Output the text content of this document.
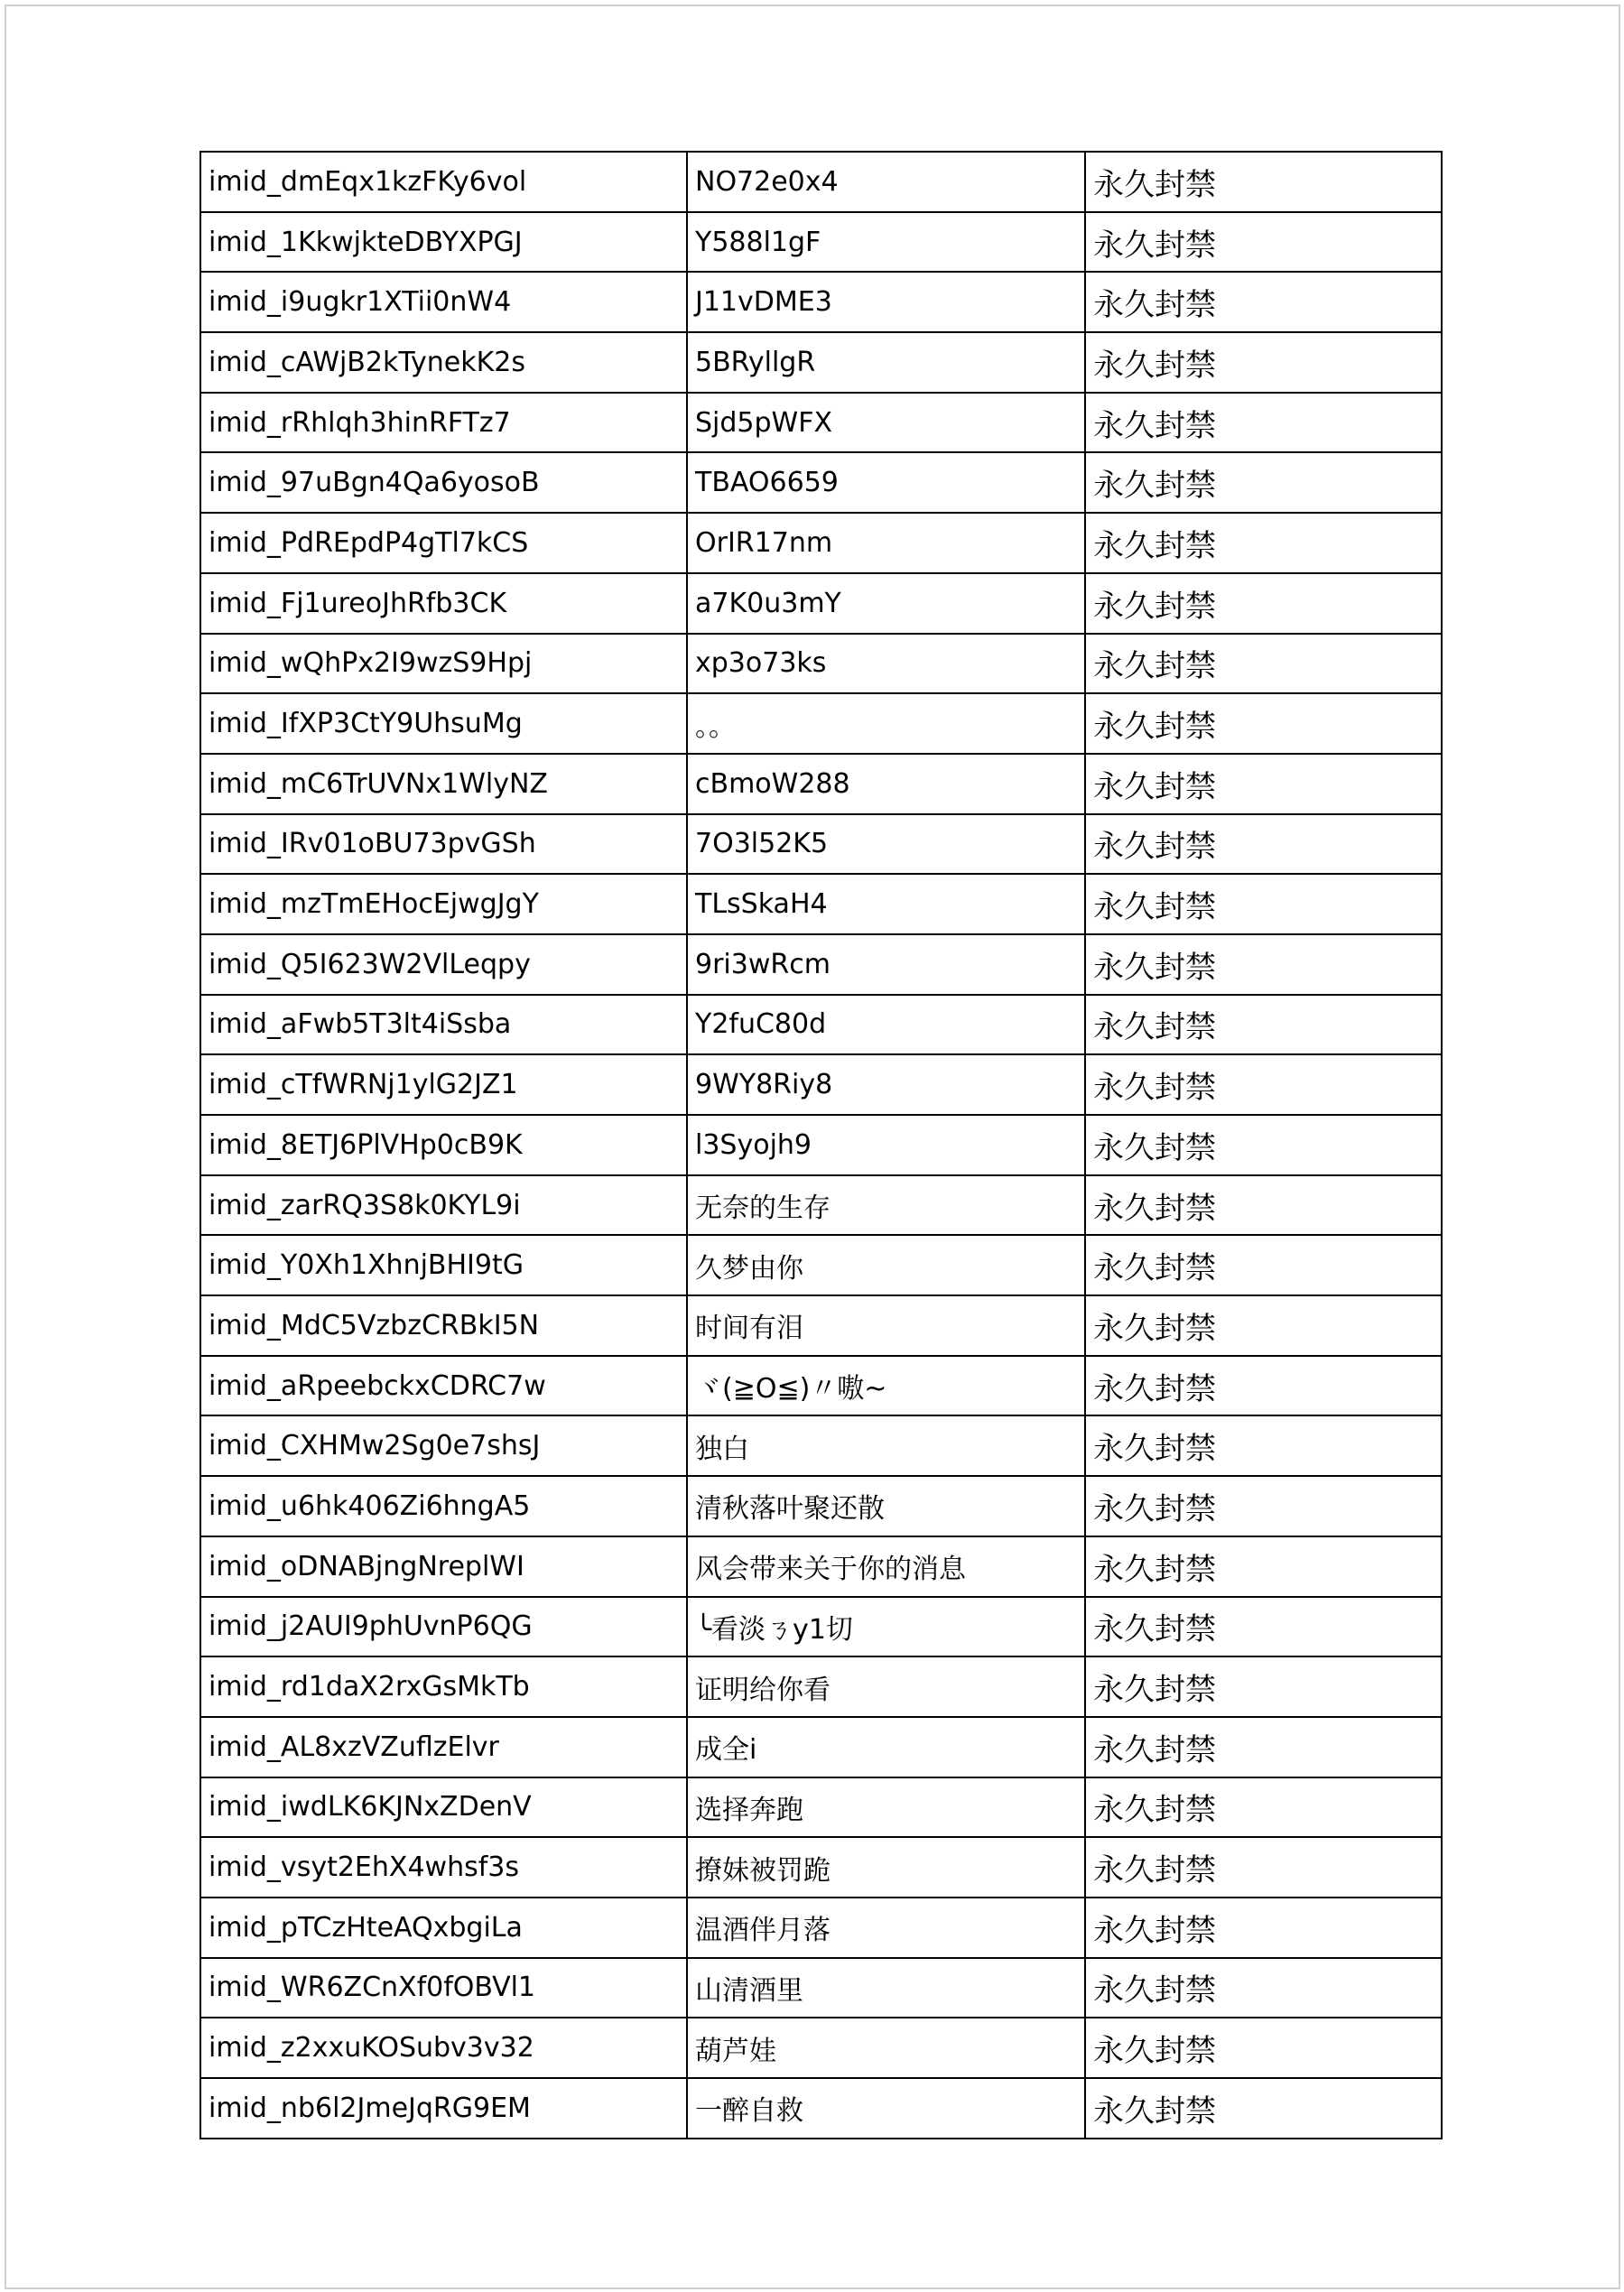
imid_dmEqx1kzFKy6vol	NO72e0x4	永久封禁
imid_1KkwjkteDBYXPGJ	Y588l1gF	永久封禁
imid_i9ugkr1XTii0nW4	J11vDME3	永久封禁
imid_cAWjB2kTynekK2s	5BRyllgR	永久封禁
imid_rRhlqh3hinRFTz7	Sjd5pWFX	永久封禁
imid_97uBgn4Qa6yosoB	TBAO6659	永久封禁
imid_PdREpdP4gTl7kCS	OrIR17nm	永久封禁
imid_Fj1ureoJhRfb3CK	a7K0u3mY	永久封禁
imid_wQhPx2I9wzS9Hpj	xp3o73ks	永久封禁
imid_IfXP3CtY9UhsuMg	。。	永久封禁
imid_mC6TrUVNx1WlyNZ	cBmoW288	永久封禁
imid_IRv01oBU73pvGSh	7O3l52K5	永久封禁
imid_mzTmEHocEjwgJgY	TLsSkaH4	永久封禁
imid_Q5I623W2VlLeqpy	9ri3wRcm	永久封禁
imid_aFwb5T3lt4iSsba	Y2fuC80d	永久封禁
imid_cTfWRNj1ylG2JZ1	9WY8Riy8	永久封禁
imid_8ETJ6PlVHp0cB9K	l3Syojh9	永久封禁
imid_zarRQ3S8k0KYL9i	无奈的生存	永久封禁
imid_Y0Xh1XhnjBHI9tG	久梦由你	永久封禁
imid_MdC5VzbzCRBkI5N	时间有泪	永久封禁
imid_aRpeebckxCDRC7w	ヾ(≧O≦)〃嗷~	永久封禁
imid_CXHMw2Sg0e7shsJ	独白	永久封禁
imid_u6hk406Zi6hngA5	清秋落叶聚还散	永久封禁
imid_oDNABjngNreplWI	风会带来关于你的消息	永久封禁
imid_j2AUI9phUvnP6QG	╰看淡ㄋy1切	永久封禁
imid_rd1daX2rxGsMkTb	证明给你看	永久封禁
imid_AL8xzVZuflzElvr	成全i	永久封禁
imid_iwdLK6KJNxZDenV	选择奔跑	永久封禁
imid_vsyt2EhX4whsf3s	撩妹被罚跪	永久封禁
imid_pTCzHteAQxbgiLa	温酒伴月落	永久封禁
imid_WR6ZCnXf0fOBVl1	山清酒里	永久封禁
imid_z2xxuKOSubv3v32	葫芦娃	永久封禁
imid_nb6l2JmeJqRG9EM	一醉自救	永久封禁
